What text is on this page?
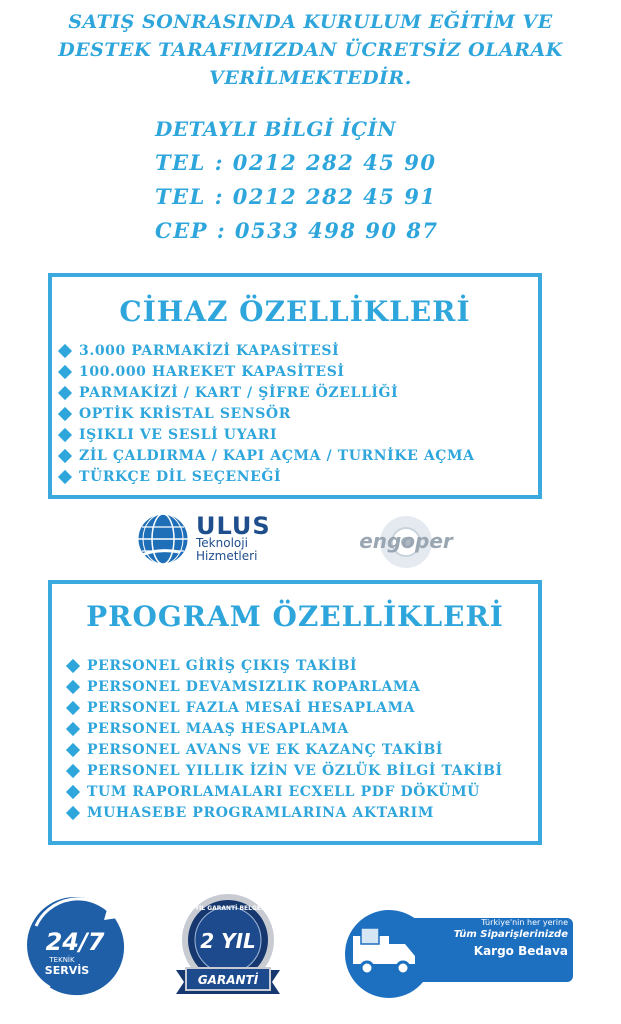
SATIŞ SONRASINDA KURULUM EĞİTİM VE
DESTEK TARAFIMIZDAN ÜCRETSİZ OLARAK
VERİLMEKTEDİR.
DETAYLI BİLGİ İÇİN
TEL : 0212 282 45 90
TEL : 0212 282 45 91
CEP : 0533 498 90 87
CİHAZ ÖZELLİKLERİ
3.000 PARMAKİZİ KAPASİTESİ
100.000 HAREKET KAPASİTESİ
PARMAKİZİ / KART / ŞİFRE ÖZELLİĞİ
OPTİK KRİSTAL SENSÖR
IŞIKLI VE SESLİ UYARI
ZİL ÇALDIRMA / KAPI AÇMA / TURNİKE AÇMA
TÜRKÇE DİL SEÇENEĞİ
ULUS
Teknoloji
Hizmetleri
engoper
PROGRAM ÖZELLİKLERİ
PERSONEL GİRİŞ ÇIKIŞ TAKİBİ
PERSONEL DEVAMSIZLIK ROPARLAMA
PERSONEL FAZLA MESAİ HESAPLAMA
PERSONEL MAAŞ HESAPLAMA
PERSONEL AVANS VE EK KAZANÇ TAKİBİ
PERSONEL YILLIK İZİN VE ÖZLÜK BİLGİ TAKİBİ
TUM RAPORLAMALARI ECXELL PDF DÖKÜMÜ
MUHASEBE PROGRAMLARINA AKTARIM
24/7
TEKNİK
SERVİS
2 YIL GARANTİ BELGESİ
2 YIL
GARANTİ
Türkiye'nin her yerine
Tüm Siparişlerinizde
Kargo Bedava
